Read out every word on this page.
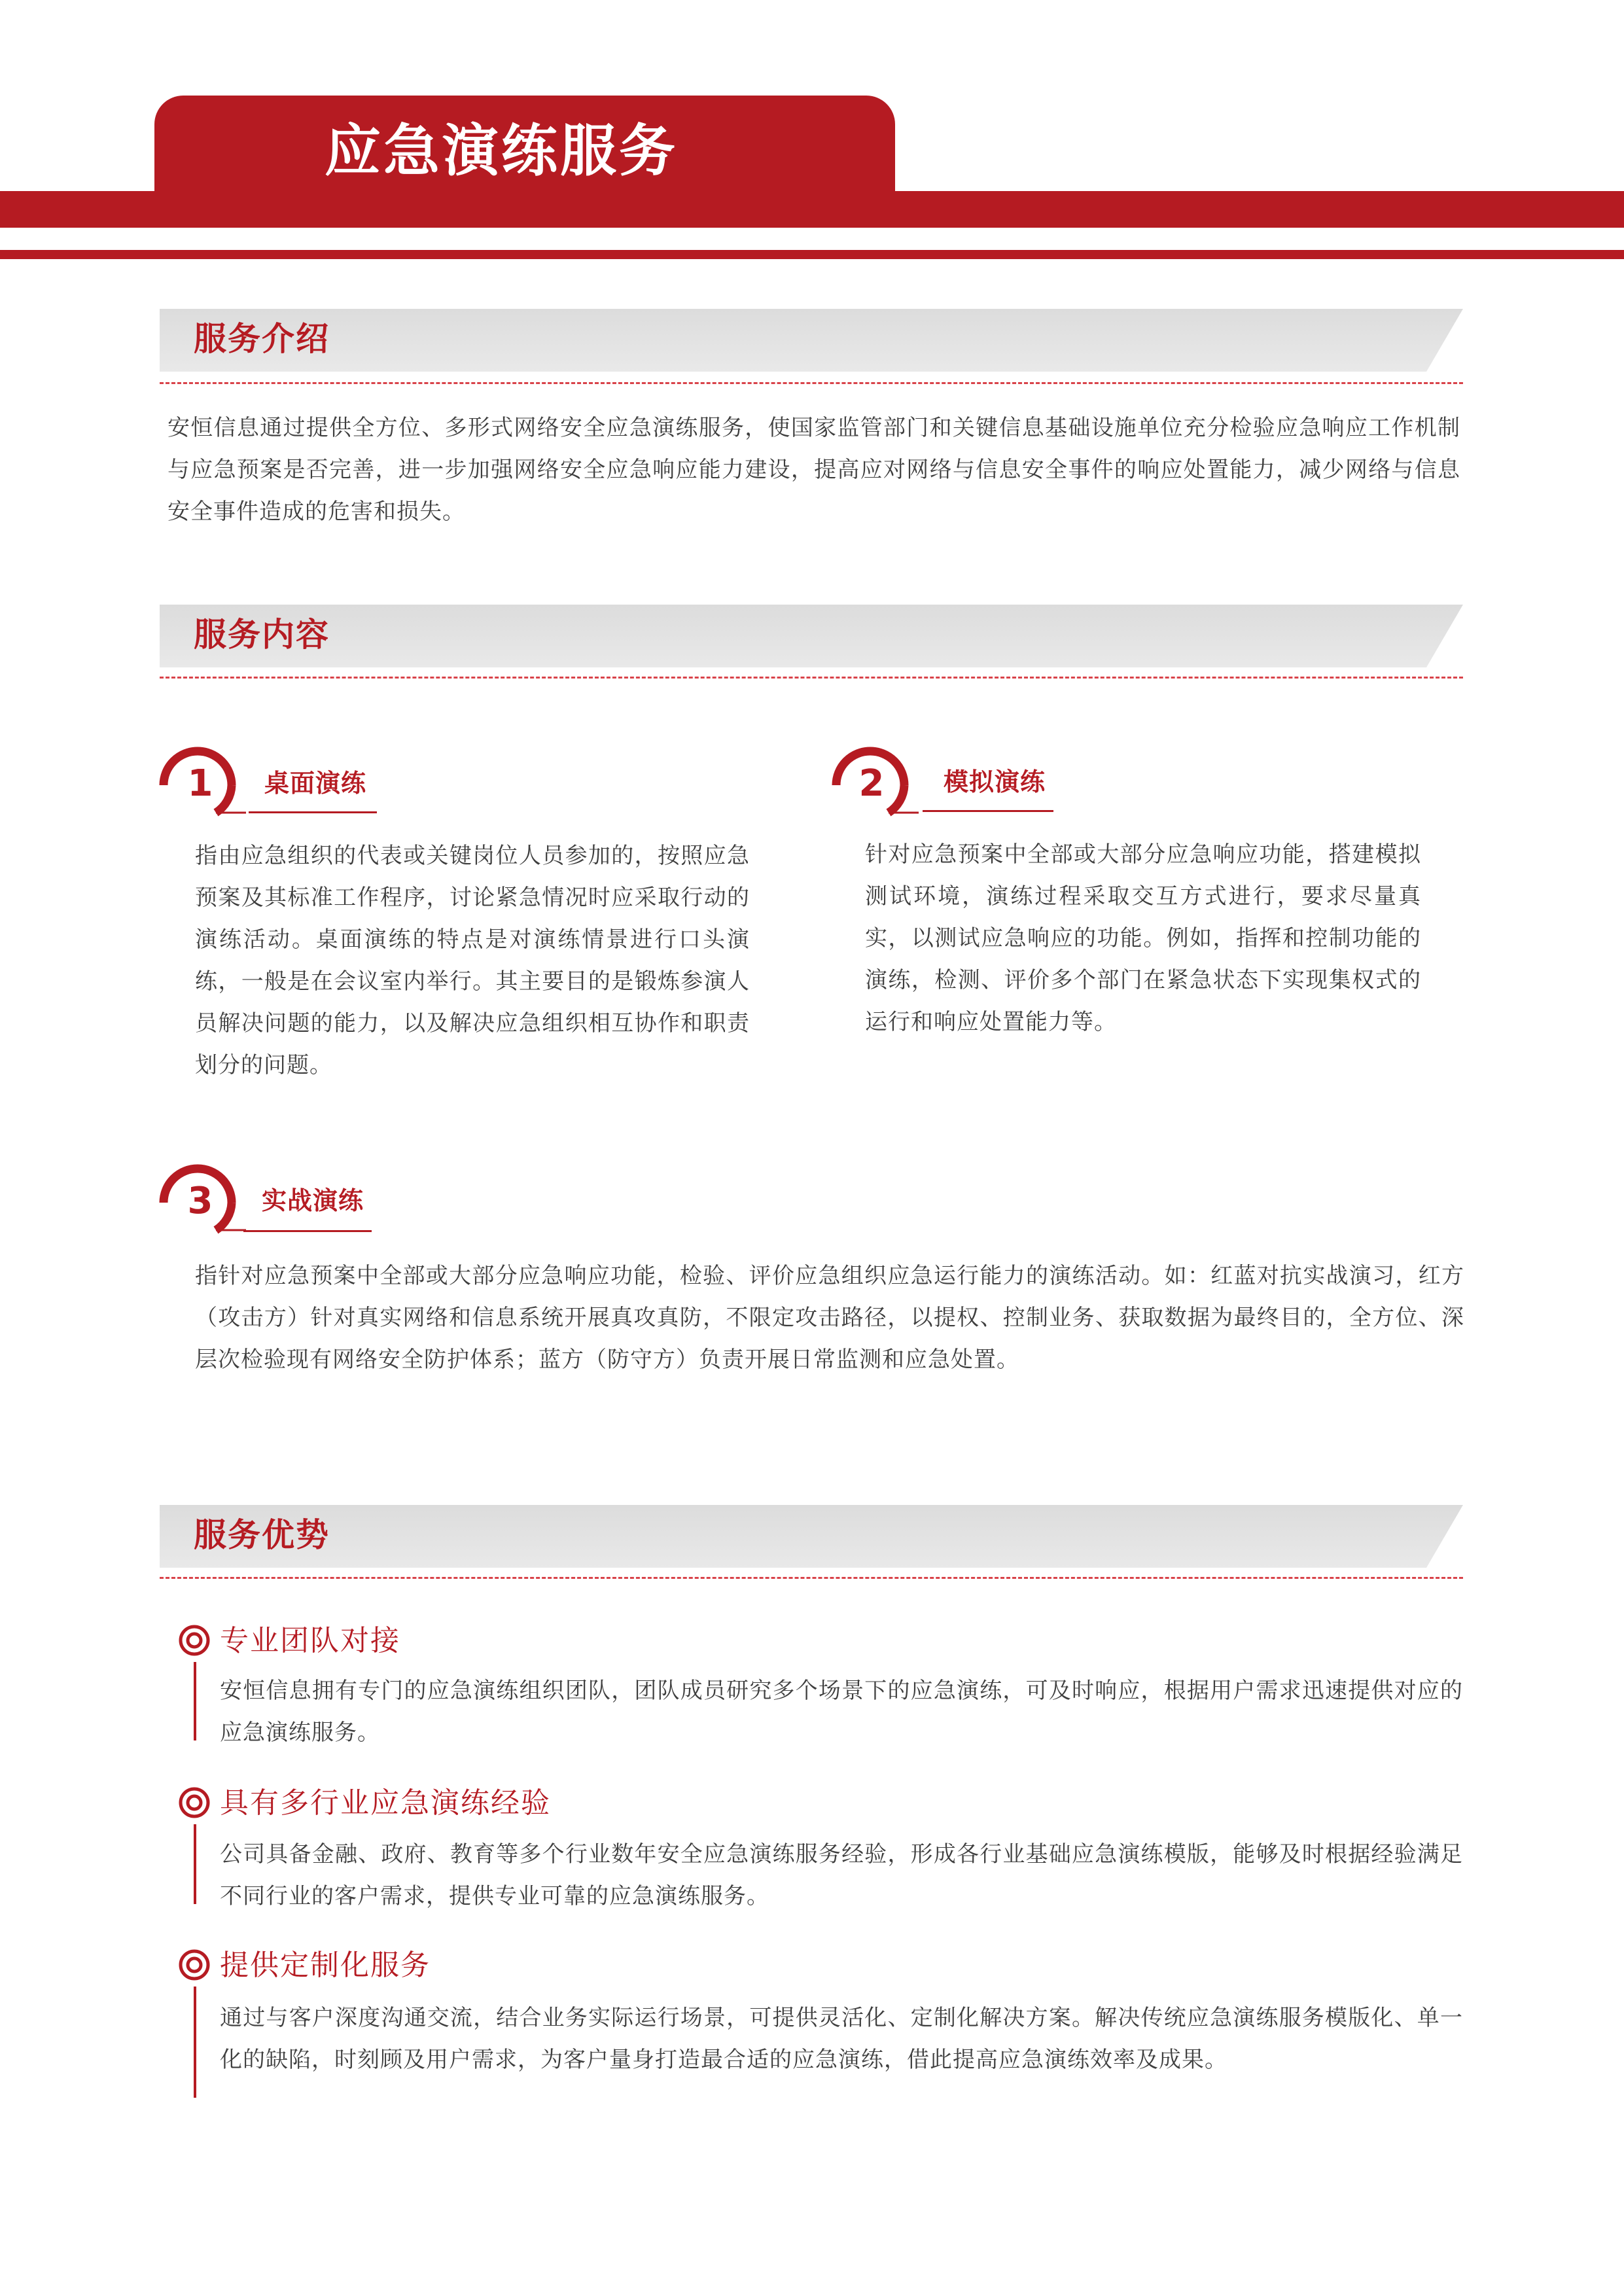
应急演练服务
服务介绍
安恒信息通过提供全方位、多形式网络安全应急演练服务，使国家监管部门和关键信息基础设施单位充分检验应急响应工作机制与应急预案是否完善，进一步加强网络安全应急响应能力建设，提高应对网络与信息安全事件的响应处置能力，减少网络与信息安全事件造成的危害和损失。
服务内容
1	桌面演练
指由应急组织的代表或关键岗位人员参加的，按照应急预案及其标准工作程序，讨论紧急情况时应采取行动的演练活动。桌面演练的特点是对演练情景进行口头演练，一般是在会议室内举行。其主要目的是锻炼参演人员解决问题的能力，以及解决应急组织相互协作和职责划分的问题。
2	模拟演练
针对应急预案中全部或大部分应急响应功能，搭建模拟测试环境，演练过程采取交互方式进行，要求尽量真实，以测试应急响应的功能。例如，指挥和控制功能的演练，检测、评价多个部门在紧急状态下实现集权式的运行和响应处置能力等。
3	实战演练
指针对应急预案中全部或大部分应急响应功能，检验、评价应急组织应急运行能力的演练活动。如：红蓝对抗实战演习，红方（攻击方）针对真实网络和信息系统开展真攻真防，不限定攻击路径，以提权、控制业务、获取数据为最终目的，全方位、深层次检验现有网络安全防护体系；蓝方（防守方）负责开展日常监测和应急处置。
服务优势
专业团队对接
安恒信息拥有专门的应急演练组织团队，团队成员研究多个场景下的应急演练，可及时响应，根据用户需求迅速提供对应的应急演练服务。
具有多行业应急演练经验
公司具备金融、政府、教育等多个行业数年安全应急演练服务经验，形成各行业基础应急演练模版，能够及时根据经验满足不同行业的客户需求，提供专业可靠的应急演练服务。
提供定制化服务
通过与客户深度沟通交流，结合业务实际运行场景，可提供灵活化、定制化解决方案。解决传统应急演练服务模版化、单一化的缺陷，时刻顾及用户需求，为客户量身打造最合适的应急演练，借此提高应急演练效率及成果。
